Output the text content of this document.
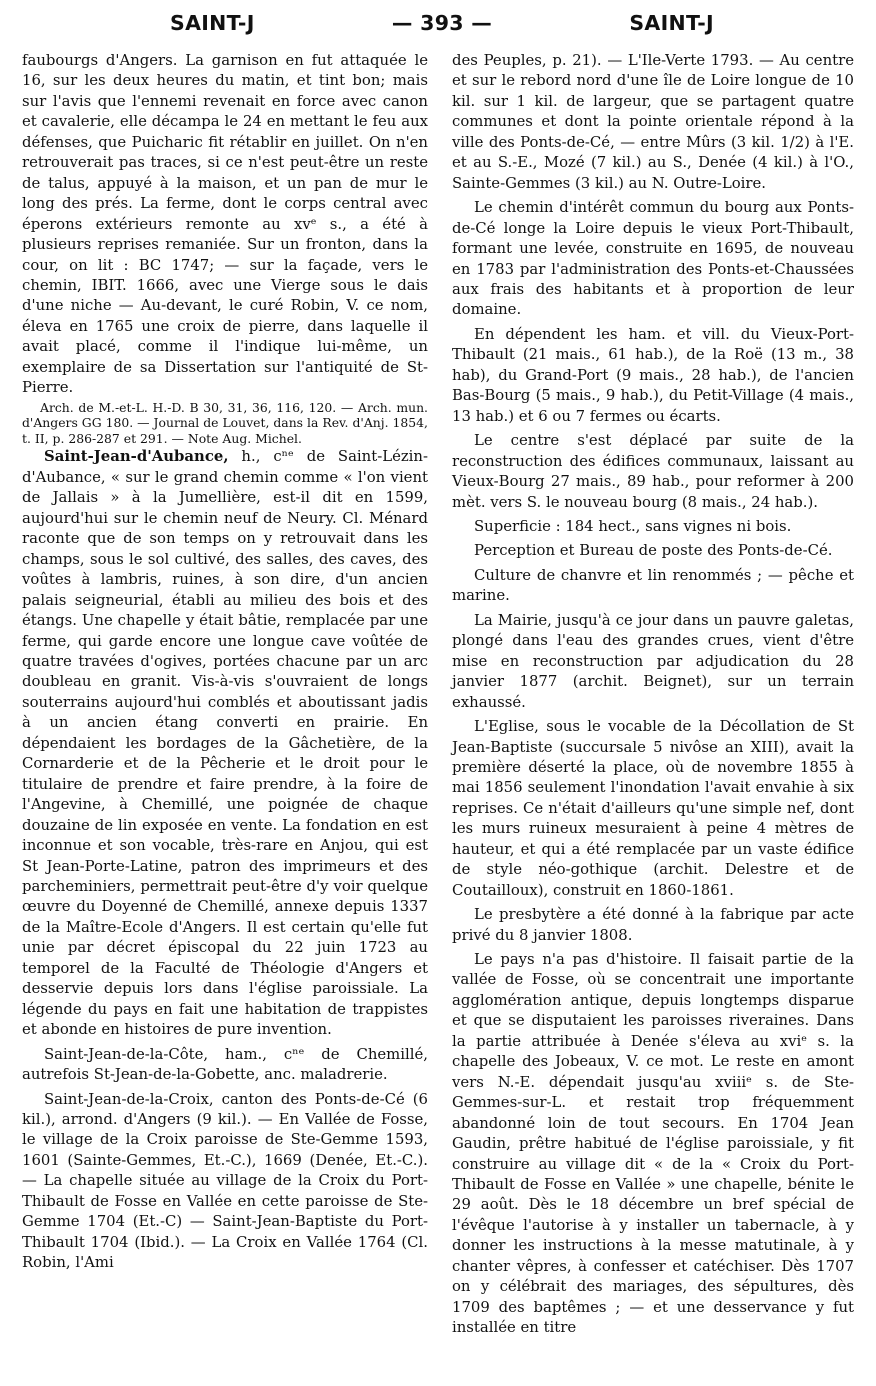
SAINT-J	— 393 —	SAINT-J

faubourgs d'Angers. La garnison en fut attaquée le 16, sur les deux heures du matin, et tint bon; mais sur l'avis que l'ennemi revenait en force avec canon et cavalerie, elle décampa le 24 en mettant le feu aux défenses, que Puicharic fit rétablir en juillet. On n'en retrouverait pas traces, si ce n'est peut-être un reste de talus, appuyé à la maison, et un pan de mur le long des prés. La ferme, dont le corps central avec éperons extérieurs remonte au xvᵉ s., a été à plusieurs reprises remaniée. Sur un fronton, dans la cour, on lit : BC 1747; — sur la façade, vers le chemin, IBIT. 1666, avec une Vierge sous le dais d'une niche — Au-devant, le curé Robin, V. ce nom, éleva en 1765 une croix de pierre, dans laquelle il avait placé, comme il l'indique lui-même, un exemplaire de sa Dissertation sur l'antiquité de St-Pierre.

Arch. de M.-et-L. H.-D. B 30, 31, 36, 116, 120. — Arch. mun. d'Angers GG 180. — Journal de Louvet, dans la Rev. d'Anj. 1854, t. II, p. 286-287 et 291. — Note Aug. Michel.

Saint-Jean-d'Aubance, h., cⁿᵉ de Saint-Lézin-d'Aubance, « sur le grand chemin comme « l'on vient de Jallais » à la Jumellière, est-il dit en 1599, aujourd'hui sur le chemin neuf de Neury. Cl. Ménard raconte que de son temps on y retrouvait dans les champs, sous le sol cultivé, des salles, des caves, des voûtes à lambris, ruines, à son dire, d'un ancien palais seigneurial, établi au milieu des bois et des étangs. Une chapelle y était bâtie, remplacée par une ferme, qui garde encore une longue cave voûtée de quatre travées d'ogives, portées chacune par un arc doubleau en granit. Vis-à-vis s'ouvraient de longs souterrains aujourd'hui comblés et aboutissant jadis à un ancien étang converti en prairie. En dépendaient les bordages de la Gâchetière, de la Cornarderie et de la Pêcherie et le droit pour le titulaire de prendre et faire prendre, à la foire de l'Angevine, à Chemillé, une poignée de chaque douzaine de lin exposée en vente. La fondation en est inconnue et son vocable, très-rare en Anjou, qui est St Jean-Porte-Latine, patron des imprimeurs et des parcheminiers, permettrait peut-être d'y voir quelque œuvre du Doyenné de Chemillé, annexe depuis 1337 de la Maître-Ecole d'Angers. Il est certain qu'elle fut unie par décret épiscopal du 22 juin 1723 au temporel de la Faculté de Théologie d'Angers et desservie depuis lors dans l'église paroissiale. La légende du pays en fait une habitation de trappistes et abonde en histoires de pure invention.

Saint-Jean-de-la-Côte, ham., cⁿᵉ de Chemillé, autrefois St-Jean-de-la-Gobette, anc. maladrerie.

Saint-Jean-de-la-Croix, canton des Ponts-de-Cé (6 kil.), arrond. d'Angers (9 kil.). — En Vallée de Fosse, le village de la Croix paroisse de Ste-Gemme 1593, 1601 (Sainte-Gemmes, Et.-C.), 1669 (Denée, Et.-C.). — La chapelle située au village de la Croix du Port-Thibault de Fosse en Vallée en cette paroisse de Ste-Gemme 1704 (Et.-C) — Saint-Jean-Baptiste du Port-Thibault 1704 (Ibid.). — La Croix en Vallée 1764 (Cl. Robin, l'Ami

des Peuples, p. 21). — L'Ile-Verte 1793. — Au centre et sur le rebord nord d'une île de Loire longue de 10 kil. sur 1 kil. de largeur, que se partagent quatre communes et dont la pointe orientale répond à la ville des Ponts-de-Cé, — entre Mûrs (3 kil. 1/2) à l'E. et au S.-E., Mozé (7 kil.) au S., Denée (4 kil.) à l'O., Sainte-Gemmes (3 kil.) au N. Outre-Loire.

Le chemin d'intérêt commun du bourg aux Ponts-de-Cé longe la Loire depuis le vieux Port-Thibault, formant une levée, construite en 1695, de nouveau en 1783 par l'administration des Ponts-et-Chaussées aux frais des habitants et à proportion de leur domaine.

En dépendent les ham. et vill. du Vieux-Port-Thibault (21 mais., 61 hab.), de la Roë (13 m., 38 hab), du Grand-Port (9 mais., 28 hab.), de l'ancien Bas-Bourg (5 mais., 9 hab.), du Petit-Village (4 mais., 13 hab.) et 6 ou 7 fermes ou écarts.

Le centre s'est déplacé par suite de la reconstruction des édifices communaux, laissant au Vieux-Bourg 27 mais., 89 hab., pour reformer à 200 mèt. vers S. le nouveau bourg (8 mais., 24 hab.).

Superficie : 184 hect., sans vignes ni bois.

Perception et Bureau de poste des Ponts-de-Cé.

Culture de chanvre et lin renommés ; — pêche et marine.

La Mairie, jusqu'à ce jour dans un pauvre galetas, plongé dans l'eau des grandes crues, vient d'être mise en reconstruction par adjudication du 28 janvier 1877 (archit. Beignet), sur un terrain exhaussé.

L'Eglise, sous le vocable de la Décollation de St Jean-Baptiste (succursale 5 nivôse an XIII), avait la première déserté la place, où de novembre 1855 à mai 1856 seulement l'inondation l'avait envahie à six reprises. Ce n'était d'ailleurs qu'une simple nef, dont les murs ruineux mesuraient à peine 4 mètres de hauteur, et qui a été remplacée par un vaste édifice de style néo-gothique (archit. Delestre et de Coutailloux), construit en 1860-1861.

Le presbytère a été donné à la fabrique par acte privé du 8 janvier 1808.

Le pays n'a pas d'histoire. Il faisait partie de la vallée de Fosse, où se concentrait une importante agglomération antique, depuis longtemps disparue et que se disputaient les paroisses riveraines. Dans la partie attribuée à Denée s'éleva au xviᵉ s. la chapelle des Jobeaux, V. ce mot. Le reste en amont vers N.-E. dépendait jusqu'au xviiiᵉ s. de Ste-Gemmes-sur-L. et restait trop fréquemment abandonné loin de tout secours. En 1704 Jean Gaudin, prêtre habitué de l'église paroissiale, y fit construire au village dit « de la « Croix du Port-Thibault de Fosse en Vallée » une chapelle, bénite le 29 août. Dès le 18 décembre un bref spécial de l'évêque l'autorise à y installer un tabernacle, à y donner les instructions à la messe matutinale, à y chanter vêpres, à confesser et catéchiser. Dès 1707 on y célébrait des mariages, des sépultures, dès 1709 des baptêmes ; — et une desservance y fut installée en titre
